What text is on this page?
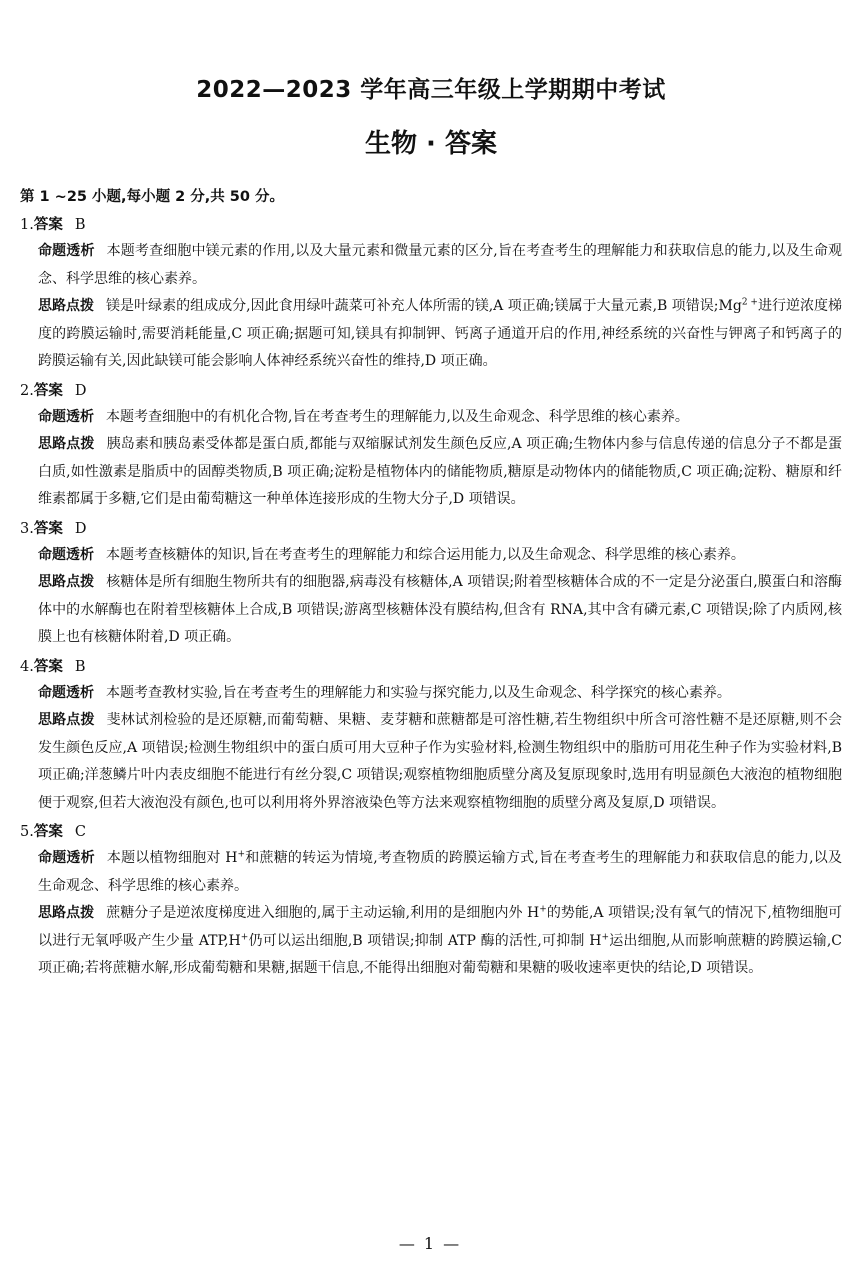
2022—2023 学年高三年级上学期期中考试
生物 · 答案
第 1 ~25 小题,每小题 2 分,共 50 分。
1.答案 B
命题透析 本题考查细胞中镁元素的作用,以及大量元素和微量元素的区分,旨在考查考生的理解能力和获取信息的能力,以及生命观念、科学思维的核心素养。
思路点拨 镁是叶绿素的组成成分,因此食用绿叶蔬菜可补充人体所需的镁,A 项正确;镁属于大量元素,B 项错误$;Mg^{2 +}$进行逆浓度梯度的跨膜运输时,需要消耗能量,C 项正确;据题可知,镁具有抑制钾、钙离子通道开启的作用,神经系统的兴奋性与钾离子和钙离子的跨膜运输有关,因此缺镁可能会影响人体神经系统兴奋性的维持,D 项正确。
2.答案 D
命题透析 本题考查细胞中的有机化合物,旨在考查考生的理解能力,以及生命观念、科学思维的核心素养。
思路点拨 胰岛素和胰岛素受体都是蛋白质,都能与双缩脲试剂发生颜色反应,A 项正确;生物体内参与信息传递的信息分子不都是蛋白质,如性激素是脂质中的固醇类物质,B 项正确;淀粉是植物体内的储能物质,糖原是动物体内的储能物质,C 项正确;淀粉、糖原和纤维素都属于多糖,它们是由葡萄糖这一种单体连接形成的生物大分子,D 项错误。
3.答案 D
命题透析 本题考查核糖体的知识,旨在考查考生的理解能力和综合运用能力,以及生命观念、科学思维的核心素养。
思路点拨 核糖体是所有细胞生物所共有的细胞器,病毒没有核糖体,A 项错误;附着型核糖体合成的不一定是分泌蛋白,膜蛋白和溶酶体中的水解酶也在附着型核糖体上合成,B 项错误;游离型核糖体没有膜结构,但含有 RNA,其中含有磷元素,C 项错误;除了内质网,核膜上也有核糖体附着,D 项正确。
4.答案 B
命题透析 本题考查教材实验,旨在考查考生的理解能力和实验与探究能力,以及生命观念、科学探究的核心素养。
思路点拨 斐林试剂检验的是还原糖,而葡萄糖、果糖、麦芽糖和蔗糖都是可溶性糖,若生物组织中所含可溶性糖不是还原糖,则不会发生颜色反应,A 项错误;检测生物组织中的蛋白质可用大豆种子作为实验材料,检测生物组织中的脂肪可用花生种子作为实验材料,B 项正确;洋葱鳞片叶内表皮细胞不能进行有丝分裂,C 项错误;观察植物细胞质壁分离及复原现象时,选用有明显颜色大液泡的植物细胞便于观察,但若大液泡没有颜色,也可以利用将外界溶液染色等方法来观察植物细胞的质壁分离及复原,D 项错误。
5.答案 C
命题透析 本题以植物细胞对 H+和蔗糖的转运为情境,考查物质的跨膜运输方式,旨在考查考生的理解能力和获取信息的能力,以及生命观念、科学思维的核心素养。
思路点拨 蔗糖分子是逆浓度梯度进入细胞的,属于主动运输,利用的是细胞内外 H+的势能,A 项错误;没有氧气的情况下,植物细胞可以进行无氧呼吸产生少量 ATP,H+仍可以运出细胞,B 项错误;抑制 ATP 酶的活性,可抑制 H+运出细胞,从而影响蔗糖的跨膜运输,C 项正确;若将蔗糖水解,形成葡萄糖和果糖,据题干信息,不能得出细胞对葡萄糖和果糖的吸收速率更快的结论,D 项错误。
— 1 —
